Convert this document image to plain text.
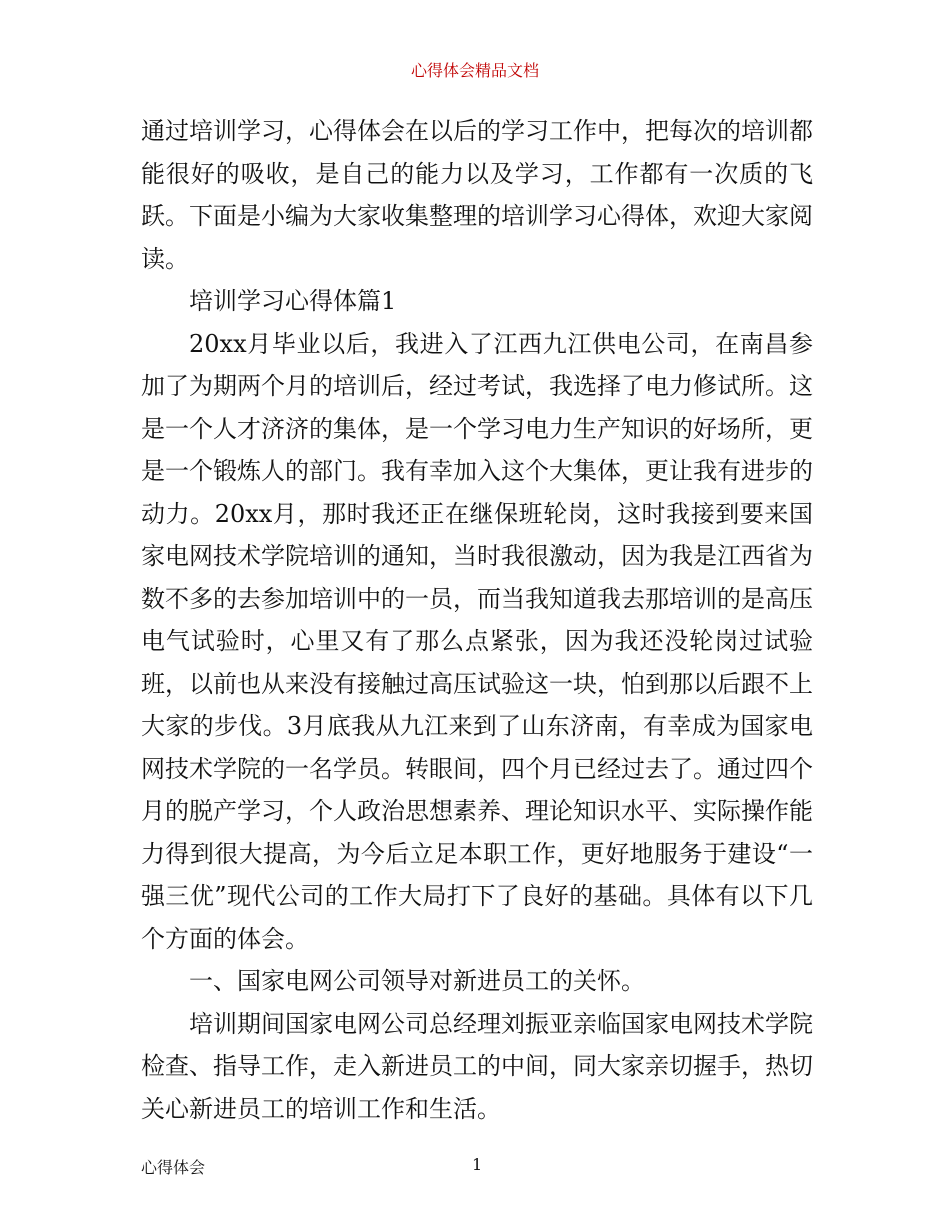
心得体会精品文档

通过培训学习，心得体会在以后的学习工作中，把每次的培训都能很好的吸收，是自己的能力以及学习，工作都有一次质的飞跃。下面是小编为大家收集整理的培训学习心得体，欢迎大家阅读。

培训学习心得体篇1

20xx月毕业以后，我进入了江西九江供电公司，在南昌参加了为期两个月的培训后，经过考试，我选择了电力修试所。这是一个人才济济的集体，是一个学习电力生产知识的好场所，更是一个锻炼人的部门。我有幸加入这个大集体，更让我有进步的动力。20xx月，那时我还正在继保班轮岗，这时我接到要来国家电网技术学院培训的通知，当时我很激动，因为我是江西省为数不多的去参加培训中的一员，而当我知道我去那培训的是高压电气试验时，心里又有了那么点紧张，因为我还没轮岗过试验班，以前也从来没有接触过高压试验这一块，怕到那以后跟不上大家的步伐。3月底我从九江来到了山东济南，有幸成为国家电网技术学院的一名学员。转眼间，四个月已经过去了。通过四个月的脱产学习，个人政治思想素养、理论知识水平、实际操作能力得到很大提高，为今后立足本职工作，更好地服务于建设“一强三优”现代公司的工作大局打下了良好的基础。具体有以下几个方面的体会。

一、国家电网公司领导对新进员工的关怀。

培训期间国家电网公司总经理刘振亚亲临国家电网技术学院检查、指导工作，走入新进员工的中间，同大家亲切握手，热切关心新进员工的培训工作和生活。

心得体会	1
